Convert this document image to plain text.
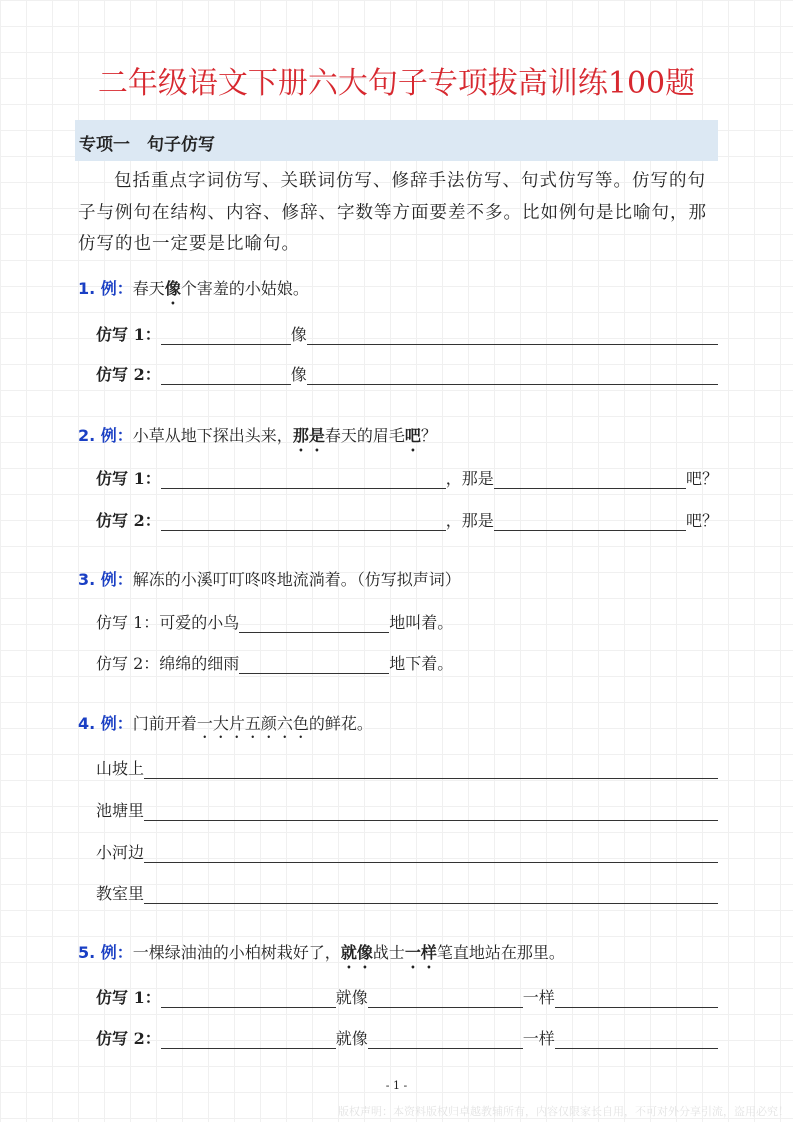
二年级语文下册六大句子专项拔高训练100题
专项一　句子仿写
包括重点字词仿写、关联词仿写、修辞手法仿写、句式仿写等。仿写的句子与例句在结构、内容、修辞、字数等方面要差不多。比如例句是比喻句，那仿写的也一定要是比喻句。
1. 例：春天像个害羞的小姑娘。
仿写 1：	像
仿写 2：	像
2. 例：小草从地下探出头来，那是春天的眉毛吧？
仿写 1：	，那是	吧？
仿写 2：	，那是	吧？
3. 例：解冻的小溪叮叮咚咚地流淌着。（仿写拟声词）
仿写 1：可爱的小鸟	地叫着。
仿写 2：绵绵的细雨	地下着。
4. 例：门前开着一大片五颜六色的鲜花。
山坡上
池塘里
小河边
教室里
5. 例：一棵绿油油的小柏树栽好了，就像战士一样笔直地站在那里。
仿写 1：	就像	一样
仿写 2：	就像	一样
- 1 -
版权声明：本资料版权归卓越教辅所有，内容仅限家长自用，不可对外分享引流，盗用必究！
